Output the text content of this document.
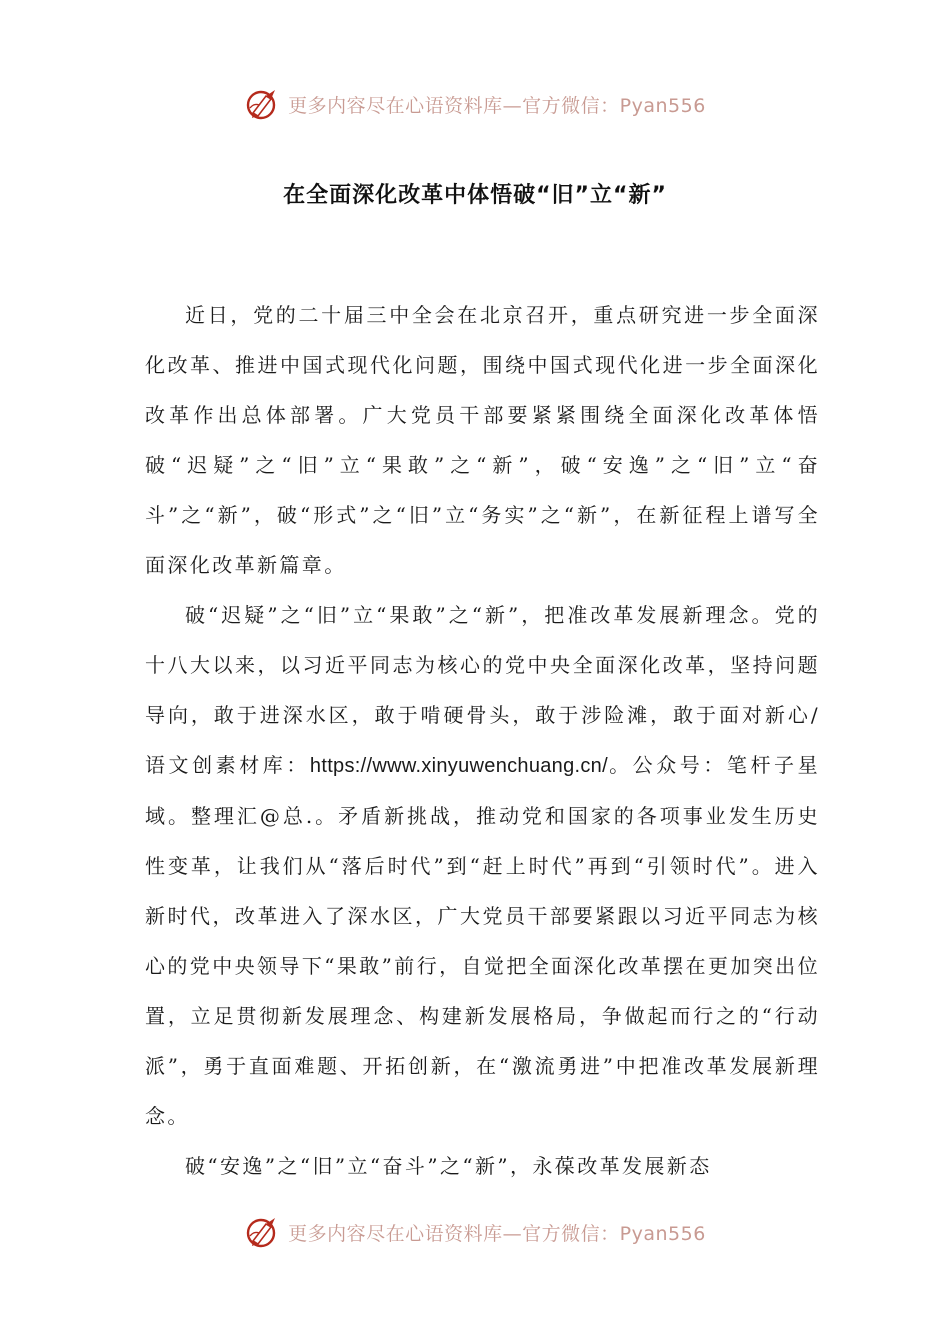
更多内容尽在心语资料库—官方微信：Pyan556
在全面深化改革中体悟破“旧”立“新”

近日，党的二十届三中全会在北京召开，重点研究进一步全面深化改革、推进中国式现代化问题，围绕中国式现代化进一步全面深化改革作出总体部署。广大党员干部要紧紧围绕全面深化改革体悟破“迟疑”之“旧”立“果敢”之“新”，破“安逸”之“旧”立“奋斗”之“新”，破“形式”之“旧”立“务实”之“新”，在新征程上谱写全面深化改革新篇章。

破“迟疑”之“旧”立“果敢”之“新”，把准改革发展新理念。党的十八大以来，以习近平同志为核心的党中央全面深化改革，坚持问题导向，敢于进深水区，敢于啃硬骨头，敢于涉险滩，敢于面对新心/语文创素材库：https://www.xinyuwenchuang.cn/。公众号：笔杆子星域。整理汇@总.。矛盾新挑战，推动党和国家的各项事业发生历史性变革，让我们从“落后时代”到“赶上时代”再到“引领时代”。进入新时代，改革进入了深水区，广大党员干部要紧跟以习近平同志为核心的党中央领导下“果敢”前行，自觉把全面深化改革摆在更加突出位置，立足贯彻新发展理念、构建新发展格局，争做起而行之的“行动派”，勇于直面难题、开拓创新，在“激流勇进”中把准改革发展新理念。

破“安逸”之“旧”立“奋斗”之“新”，永葆改革发展新态

更多内容尽在心语资料库—官方微信：Pyan556
